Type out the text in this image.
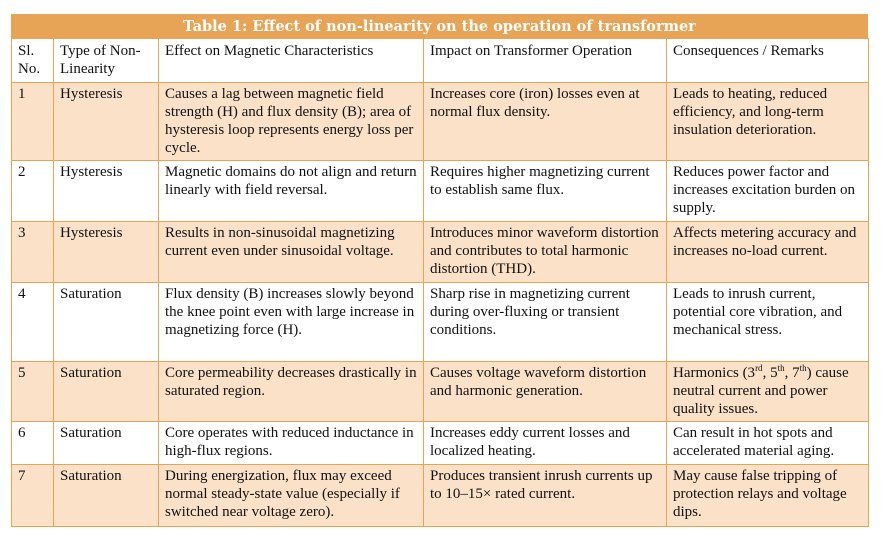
Table 1: Effect of non-linearity on the operation of transformer
Sl. No.	Type of Non-Linearity	Effect on Magnetic Characteristics	Impact on Transformer Operation	Consequences / Remarks
1	Hysteresis	Causes a lag between magnetic field strength (H) and flux density (B); area of hysteresis loop represents energy loss per cycle.	Increases core (iron) losses even at normal flux density.	Leads to heating, reduced efficiency, and long-term insulation deterioration.
2	Hysteresis	Magnetic domains do not align and return linearly with field reversal.	Requires higher magnetizing current to establish same flux.	Reduces power factor and increases excitation burden on supply.
3	Hysteresis	Results in non-sinusoidal magnetizing current even under sinusoidal voltage.	Introduces minor waveform distortion and contributes to total harmonic distortion (THD).	Affects metering accuracy and increases no-load current.
4	Saturation	Flux density (B) increases slowly beyond the knee point even with large increase in magnetizing force (H).	Sharp rise in magnetizing current during over-fluxing or transient conditions.	Leads to inrush current, potential core vibration, and mechanical stress.
5	Saturation	Core permeability decreases drastically in saturated region.	Causes voltage waveform distortion and harmonic generation.	Harmonics (3rd, 5th, 7th) cause neutral current and power quality issues.
6	Saturation	Core operates with reduced inductance in high-flux regions.	Increases eddy current losses and localized heating.	Can result in hot spots and accelerated material aging.
7	Saturation	During energization, flux may exceed normal steady-state value (especially if switched near voltage zero).	Produces transient inrush currents up to 10–15× rated current.	May cause false tripping of protection relays and voltage dips.
